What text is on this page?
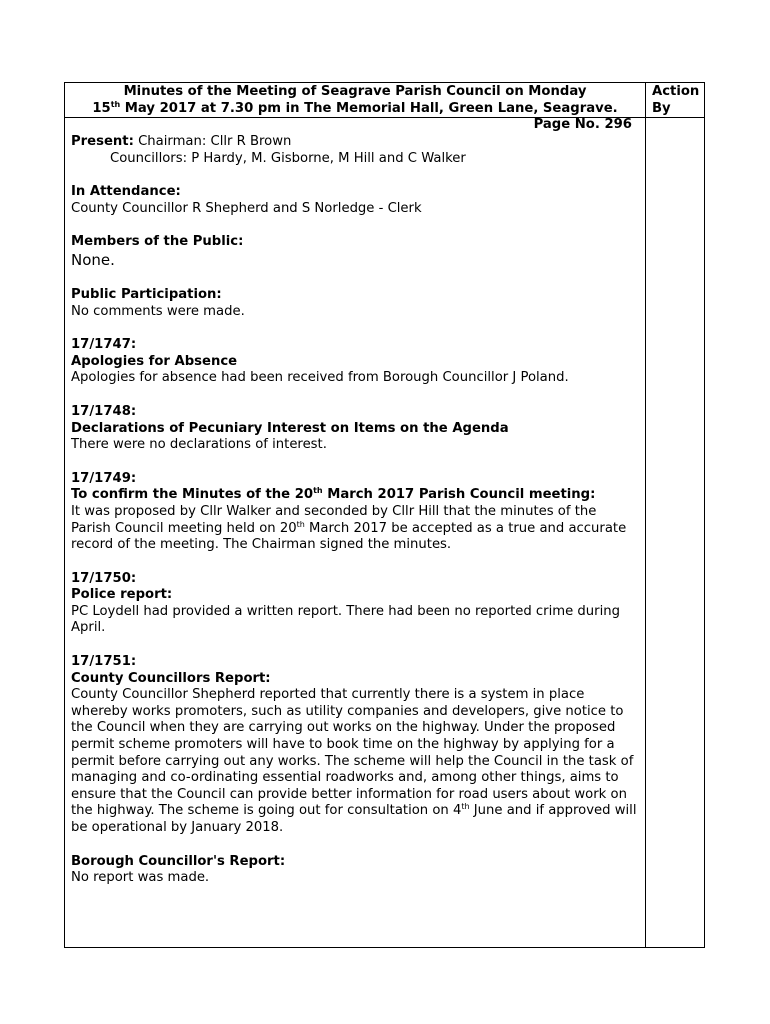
Minutes of the Meeting of Seagrave Parish Council on Monday
15th May 2017 at 7.30 pm in The Memorial Hall, Green Lane, Seagrave.
Page No. 296
Action By
Present: Chairman: Cllr R Brown
Councillors: P Hardy, M. Gisborne, M Hill and C Walker
In Attendance:
County Councillor R Shepherd and S Norledge - Clerk
Members of the Public:
None.
Public Participation:
No comments were made.
17/1747:
Apologies for Absence
Apologies for absence had been received from Borough Councillor J Poland.
17/1748:
Declarations of Pecuniary Interest on Items on the Agenda
There were no declarations of interest.
17/1749:
To confirm the Minutes of the 20th March 2017 Parish Council meeting:
It was proposed by Cllr Walker and seconded by Cllr Hill that the minutes of the Parish Council meeting held on 20th March 2017 be accepted as a true and accurate record of the meeting. The Chairman signed the minutes.
17/1750:
Police report:
PC Loydell had provided a written report. There had been no reported crime during April.
17/1751:
County Councillors Report:
County Councillor Shepherd reported that currently there is a system in place whereby works promoters, such as utility companies and developers, give notice to the Council when they are carrying out works on the highway. Under the proposed permit scheme promoters will have to book time on the highway by applying for a permit before carrying out any works. The scheme will help the Council in the task of managing and co-ordinating essential roadworks and, among other things, aims to ensure that the Council can provide better information for road users about work on the highway. The scheme is going out for consultation on 4th June and if approved will be operational by January 2018.
Borough Councillor's Report:
No report was made.
